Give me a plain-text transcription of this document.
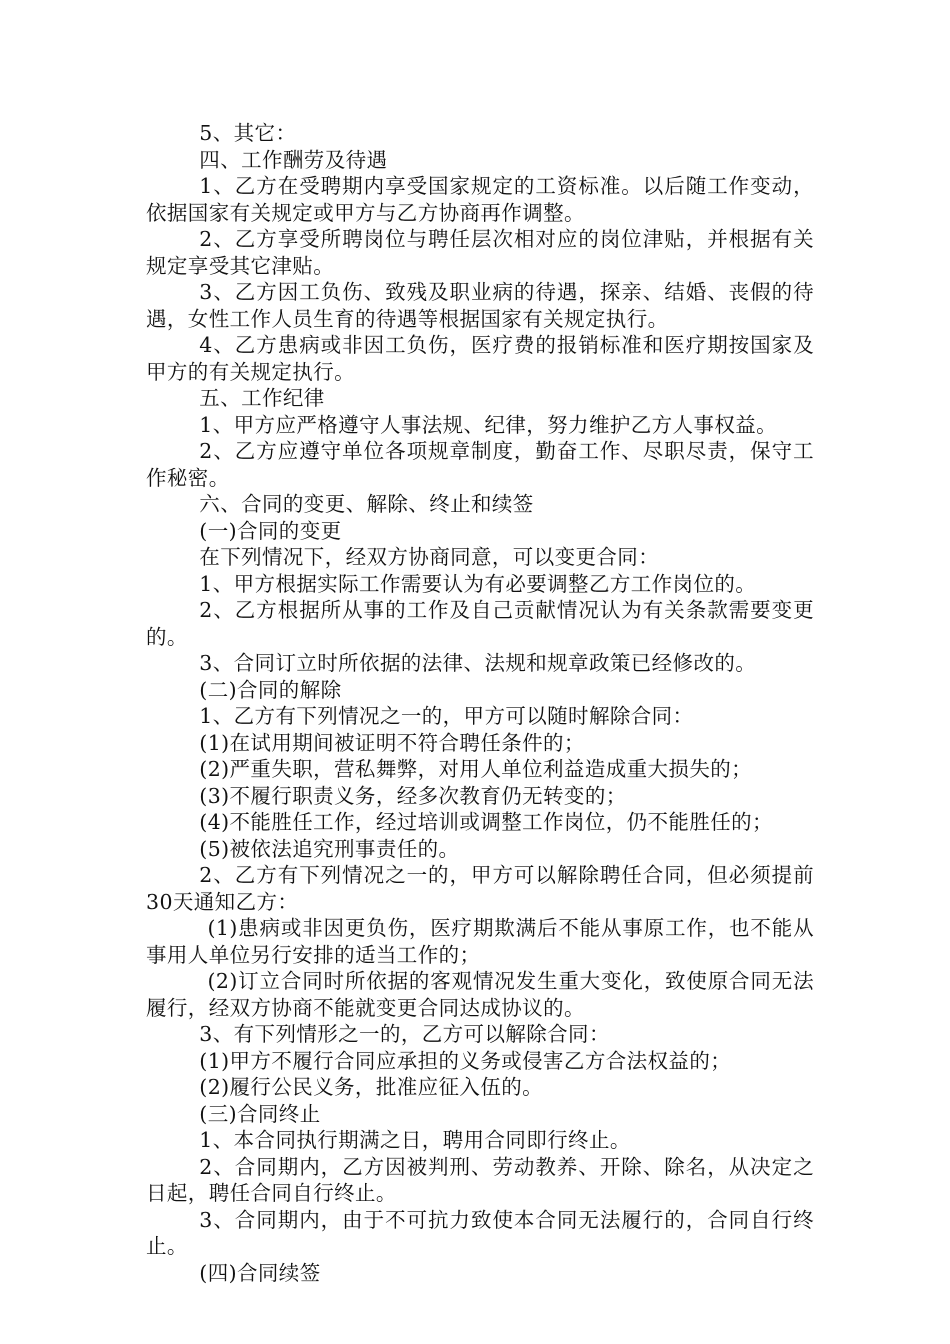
5、其它：

四、工作酬劳及待遇

1、乙方在受聘期内享受国家规定的工资标准。以后随工作变动，依据国家有关规定或甲方与乙方协商再作调整。

2、乙方享受所聘岗位与聘任层次相对应的岗位津贴，并根据有关规定享受其它津贴。

3、乙方因工负伤、致残及职业病的待遇，探亲、结婚、丧假的待遇，女性工作人员生育的待遇等根据国家有关规定执行。

4、乙方患病或非因工负伤，医疗费的报销标准和医疗期按国家及甲方的有关规定执行。

五、工作纪律

1、甲方应严格遵守人事法规、纪律，努力维护乙方人事权益。

2、乙方应遵守单位各项规章制度，勤奋工作、尽职尽责，保守工作秘密。

六、合同的变更、解除、终止和续签

(一)合同的变更

在下列情况下，经双方协商同意，可以变更合同：

1、甲方根据实际工作需要认为有必要调整乙方工作岗位的。

2、乙方根据所从事的工作及自己贡献情况认为有关条款需要变更的。

3、合同订立时所依据的法律、法规和规章政策已经修改的。

(二)合同的解除

1、乙方有下列情况之一的，甲方可以随时解除合同：

(1)在试用期间被证明不符合聘任条件的；

(2)严重失职，营私舞弊，对用人单位利益造成重大损失的；

(3)不履行职责义务，经多次教育仍无转变的；

(4)不能胜任工作，经过培训或调整工作岗位，仍不能胜任的；

(5)被依法追究刑事责任的。

2、乙方有下列情况之一的，甲方可以解除聘任合同，但必须提前30天通知乙方：

(1)患病或非因更负伤，医疗期欺满后不能从事原工作，也不能从事用人单位另行安排的适当工作的；

(2)订立合同时所依据的客观情况发生重大变化，致使原合同无法履行，经双方协商不能就变更合同达成协议的。

3、有下列情形之一的，乙方可以解除合同：

(1)甲方不履行合同应承担的义务或侵害乙方合法权益的；

(2)履行公民义务，批准应征入伍的。

(三)合同终止

1、本合同执行期满之日，聘用合同即行终止。

2、合同期内，乙方因被判刑、劳动教养、开除、除名，从决定之日起，聘任合同自行终止。

3、合同期内，由于不可抗力致使本合同无法履行的，合同自行终止。

(四)合同续签
